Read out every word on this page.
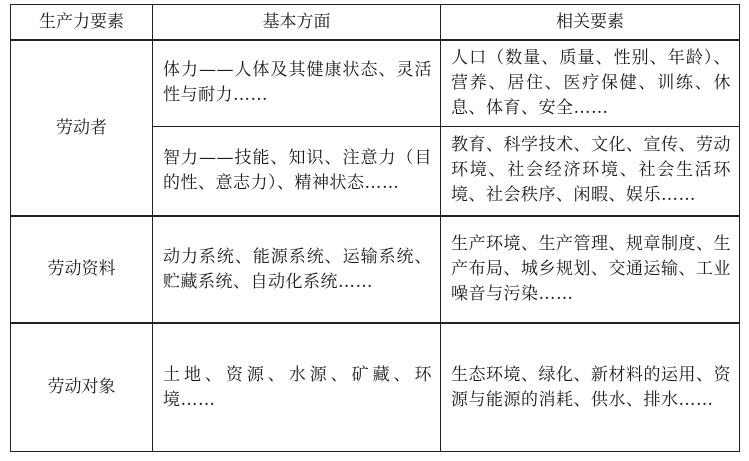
生产力要素	基本方面	相关要素
劳动者	体力——人体及其健康状态、灵活性与耐力……	人口（数量、质量、性别、年龄）、营养、居住、医疗保健、训练、休息、体育、安全……
	智力——技能、知识、注意力（目的性、意志力）、精神状态……	教育、科学技术、文化、宣传、劳动环境、社会经济环境、社会生活环境、社会秩序、闲暇、娱乐……
劳动资料	动力系统、能源系统、运输系统、贮藏系统、自动化系统……	生产环境、生产管理、规章制度、生产布局、城乡规划、交通运输、工业噪音与污染……
劳动对象	土地、资源、水源、矿藏、环境……	生态环境、绿化、新材料的运用、资源与能源的消耗、供水、排水……
